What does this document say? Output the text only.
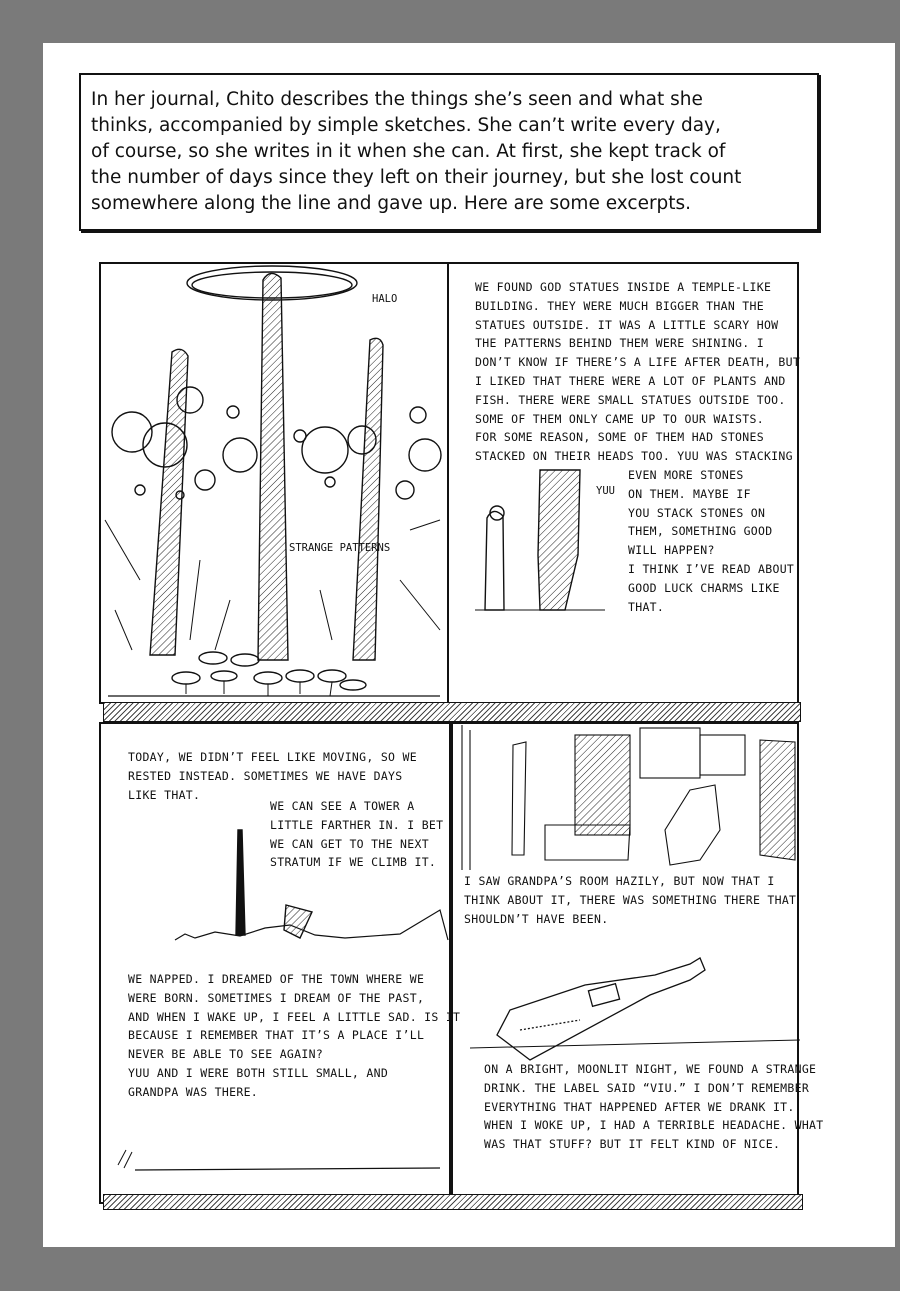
In her journal, Chito describes the things she’s seen and what she
thinks, accompanied by simple sketches. She can’t write every day,
of course, so she writes in it when she can. At first, she kept track of
the number of days since they left on their journey, but she lost count
somewhere along the line and gave up. Here are some excerpts.
HALO
STRANGE PATTERNS
WE FOUND GOD STATUES INSIDE A TEMPLE-LIKE
BUILDING. THEY WERE MUCH BIGGER THAN THE
STATUES OUTSIDE. IT WAS A LITTLE SCARY HOW
THE PATTERNS BEHIND THEM WERE SHINING. I
DON’T KNOW IF THERE’S A LIFE AFTER DEATH, BUT
I LIKED THAT THERE WERE A LOT OF PLANTS AND
FISH. THERE WERE SMALL STATUES OUTSIDE TOO.
SOME OF THEM ONLY CAME UP TO OUR WAISTS.
FOR SOME REASON, SOME OF THEM HAD STONES
STACKED ON THEIR HEADS TOO. YUU WAS STACKING
EVEN MORE STONES
ON THEM. MAYBE IF
YOU STACK STONES ON
THEM, SOMETHING GOOD
WILL HAPPEN?
I THINK I’VE READ ABOUT
GOOD LUCK CHARMS LIKE
THAT.
YUU
TODAY, WE DIDN’T FEEL LIKE MOVING, SO WE
RESTED INSTEAD. SOMETIMES WE HAVE DAYS
LIKE THAT.
WE CAN SEE A TOWER A
LITTLE FARTHER IN. I BET
WE CAN GET TO THE NEXT
STRATUM IF WE CLIMB IT.
WE NAPPED. I DREAMED OF THE TOWN WHERE WE
WERE BORN. SOMETIMES I DREAM OF THE PAST,
AND WHEN I WAKE UP, I FEEL A LITTLE SAD. IS IT
BECAUSE I REMEMBER THAT IT’S A PLACE I’LL
NEVER BE ABLE TO SEE AGAIN?
YUU AND I WERE BOTH STILL SMALL, AND
GRANDPA WAS THERE.
I SAW GRANDPA’S ROOM HAZILY, BUT NOW THAT I
THINK ABOUT IT, THERE WAS SOMETHING THERE THAT
SHOULDN’T HAVE BEEN.
ON A BRIGHT, MOONLIT NIGHT, WE FOUND A STRANGE
DRINK. THE LABEL SAID “VIU.” I DON’T REMEMBER
EVERYTHING THAT HAPPENED AFTER WE DRANK IT.
WHEN I WOKE UP, I HAD A TERRIBLE HEADACHE. WHAT
WAS THAT STUFF? BUT IT FELT KIND OF NICE.
